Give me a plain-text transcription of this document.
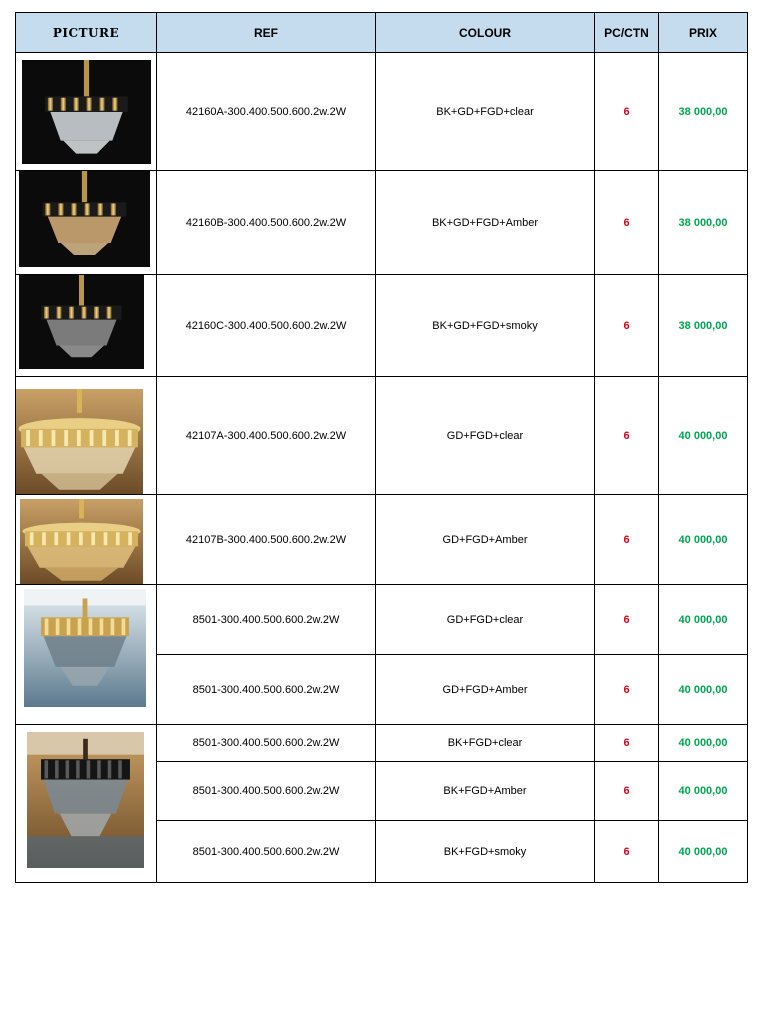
PICTURE	REF	COLOUR	PC/CTN	PRIX

	42160A-300.400.500.600.2w.2W	BK+GD+FGD+clear	6	38 000,00

	42160B-300.400.500.600.2w.2W	BK+GD+FGD+Amber	6	38 000,00

	42160C-300.400.500.600.2w.2W	BK+GD+FGD+smoky	6	38 000,00

	42107A-300.400.500.600.2w.2W	GD+FGD+clear	6	40 000,00

	42107B-300.400.500.600.2w.2W	GD+FGD+Amber	6	40 000,00

	8501-300.400.500.600.2w.2W	GD+FGD+clear	6	40 000,00
	8501-300.400.500.600.2w.2W	GD+FGD+Amber	6	40 000,00

	8501-300.400.500.600.2w.2W	BK+FGD+clear	6	40 000,00
	8501-300.400.500.600.2w.2W	BK+FGD+Amber	6	40 000,00
	8501-300.400.500.600.2w.2W	BK+FGD+smoky	6	40 000,00
